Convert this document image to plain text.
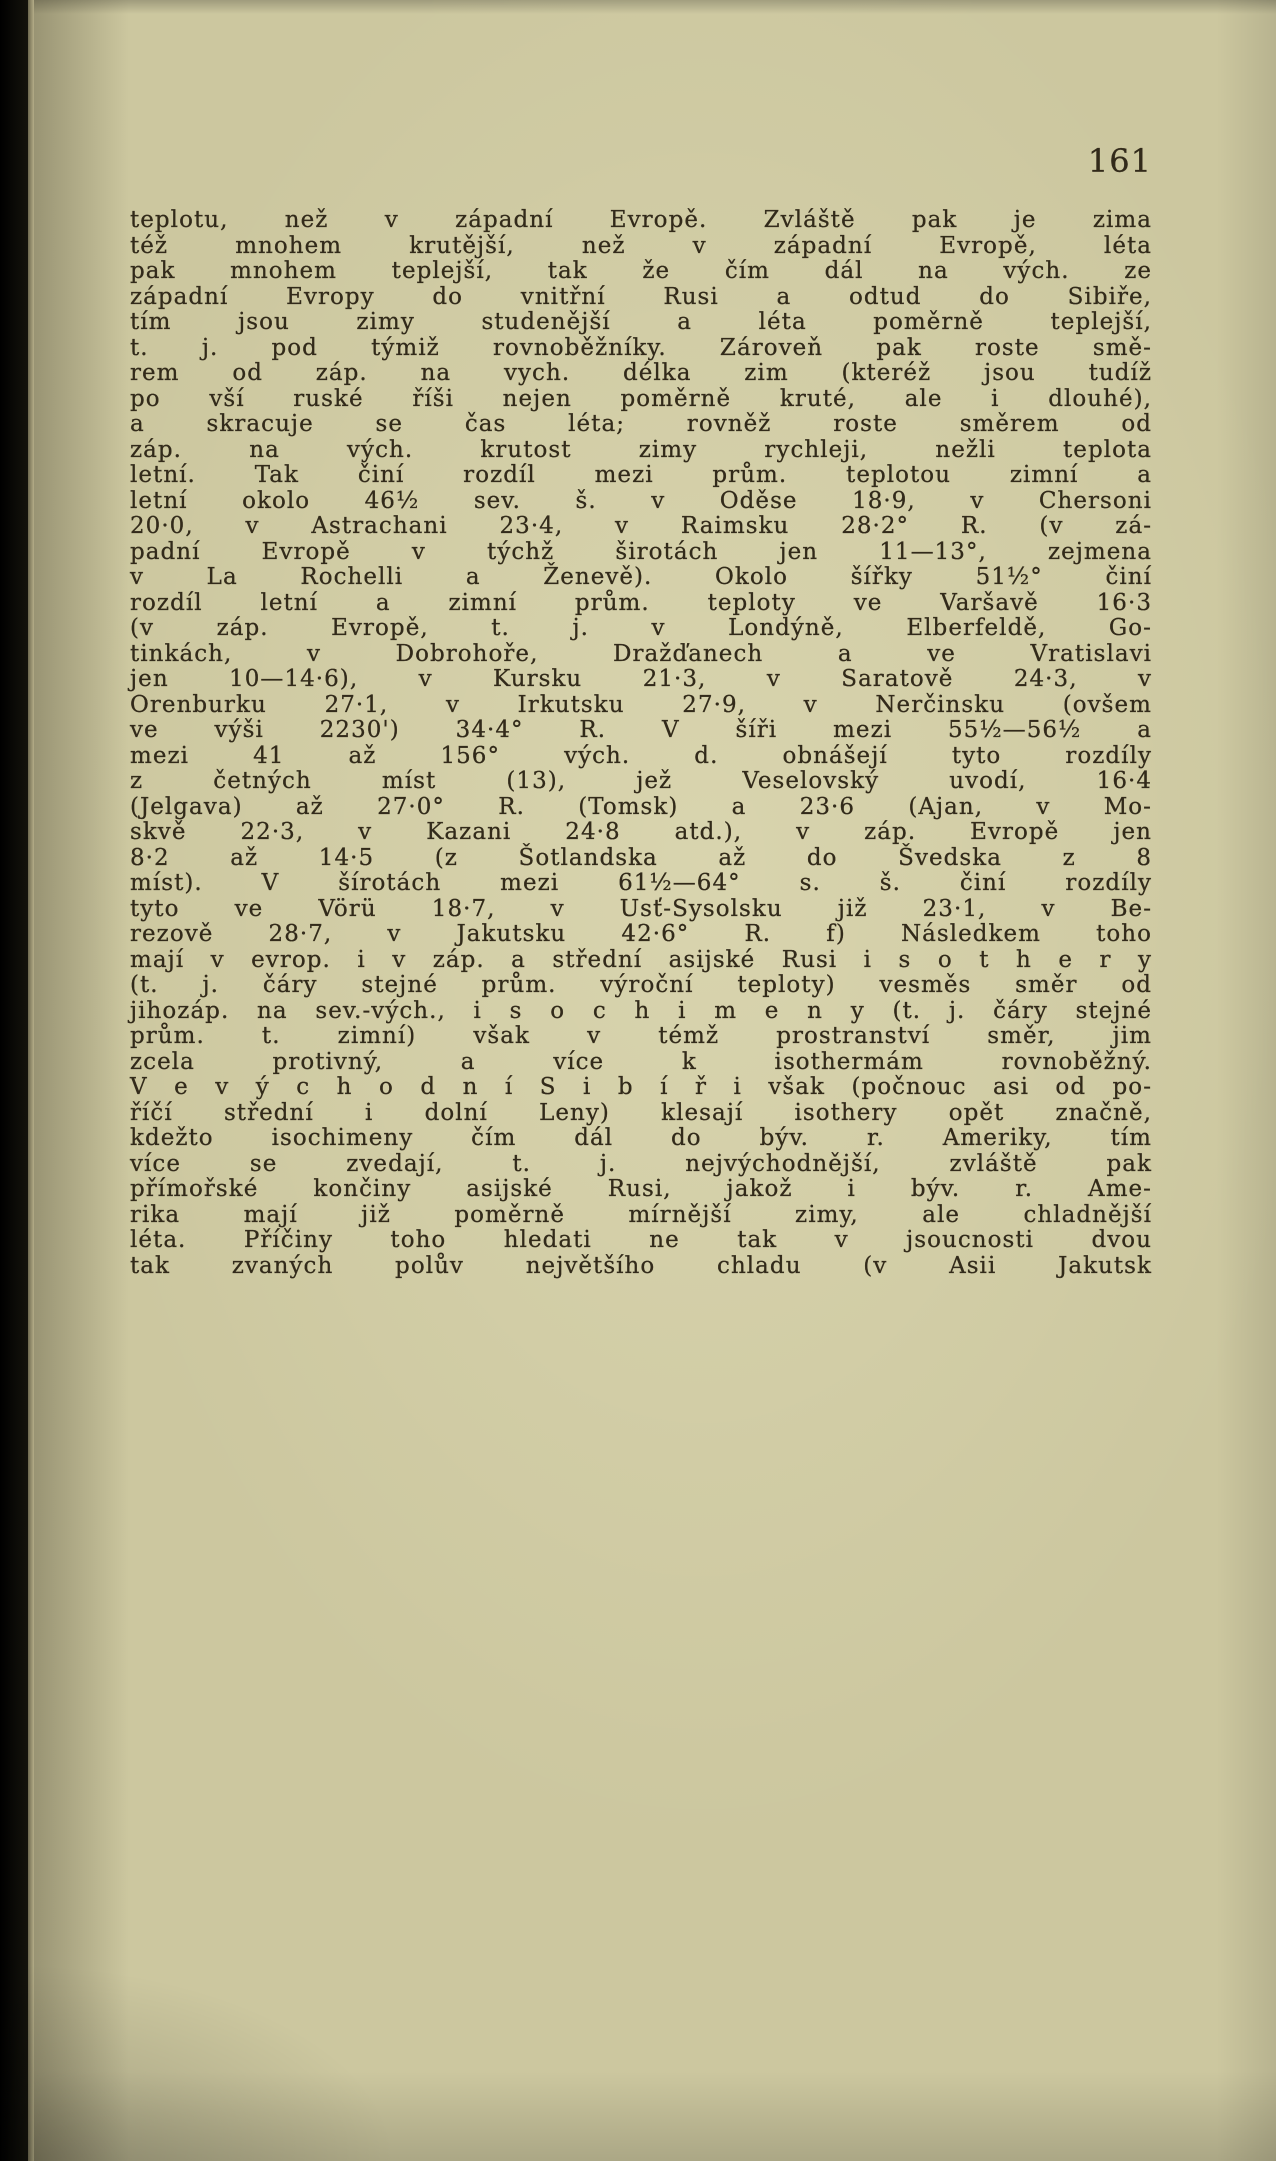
161
teplotu, než v západní Evropě. Zvláště pak je zima
též mnohem krutější, než v západní Evropě, léta
pak mnohem teplejší, tak že čím dál na vých. ze
západní Evropy do vnitřní Rusi a odtud do Sibiře,
tím jsou zimy studenější a léta poměrně teplejší,
t. j. pod týmiž rovnoběžníky. Zároveň pak roste smě-
rem od záp. na vych. délka zim (kteréž jsou tudíž
po vší ruské říši nejen poměrně kruté, ale i dlouhé),
a skracuje se čas léta; rovněž roste směrem od
záp. na vých. krutost zimy rychleji, nežli teplota
letní. Tak činí rozdíl mezi prům. teplotou zimní a
letní okolo 46½ sev. š. v Oděse 18·9, v Chersoni
20·0, v Astrachani 23·4, v Raimsku 28·2° R. (v zá-
padní Evropě v týchž širotách jen 11—13°, zejmena
v La Rochelli a Ženevě). Okolo šířky 51½° činí
rozdíl letní a zimní prům. teploty ve Varšavě 16·3
(v záp. Evropě, t. j. v Londýně, Elberfeldě, Go-
tinkách, v Dobrohoře, Dražďanech a ve Vratislavi
jen 10—14·6), v Kursku 21·3, v Saratově 24·3, v
Orenburku 27·1, v Irkutsku 27·9, v Nerčinsku (ovšem
ve výši 2230') 34·4° R. V šíři mezi 55½—56½ a
mezi 41 až 156° vých. d. obnášejí tyto rozdíly
z četných míst (13), jež Veselovský uvodí, 16·4
(Jelgava) až 27·0° R. (Tomsk) a 23·6 (Ajan, v Mo-
skvě 22·3, v Kazani 24·8 atd.), v záp. Evropě jen
8·2 až 14·5 (z Šotlandska až do Švedska z 8
míst). V šírotách mezi 61½—64° s. š. činí rozdíly
tyto ve Vörü 18·7, v Usť-Sysolsku již 23·1, v Be-
rezově 28·7, v Jakutsku 42·6° R. f) Následkem toho
mají v evrop. i v záp. a střední asijské Rusi i s o t h e r y
(t. j. čáry stejné prům. výroční teploty) vesměs směr od
jihozáp. na sev.-vých., i s o c h i m e n y (t. j. čáry stejné
prům. t. zimní) však v témž prostranství směr, jim
zcela protivný, a více k isothermám rovnoběžný.
V e v ý c h o d n í S i b í ř i však (počnouc asi od po-
říčí střední i dolní Leny) klesají isothery opět značně,
kdežto isochimeny čím dál do býv. r. Ameriky, tím
více se zvedají, t. j. nejvýchodnější, zvláště pak
přímořské končiny asijské Rusi, jakož i býv. r. Ame-
rika mají již poměrně mírnější zimy, ale chladnější
léta. Příčiny toho hledati ne tak v jsoucnosti dvou
tak zvaných polův největšího chladu (v Asii Jakutsk
